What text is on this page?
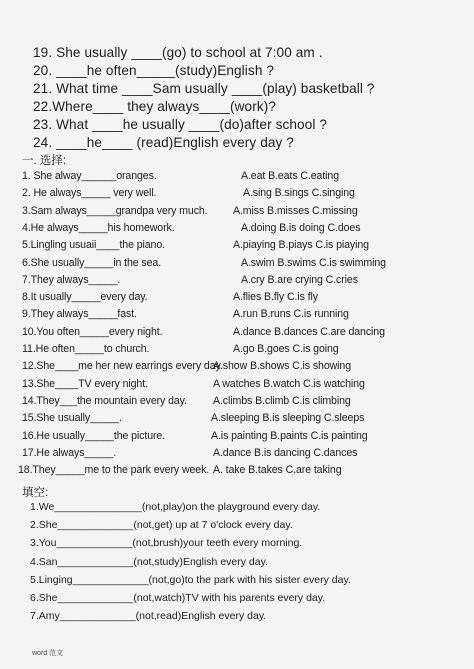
19. She usually ____(go) to school at 7:00 am .
20. ____he often_____(study)English ?
21. What time ____Sam usually ____(play) basketball ?
22.Where____ they always____(work)?
23. What ____he usually ____(do)after school ?
24. ____he____ (read)English every day ?
一. 选择:
1. She alway______oranges.	A.eat B.eats C.eating
2. He always_____ very well.	A.sing B.sings C.singing
3.Sam always_____grandpa very much. A.miss B.misses C.missing
4.He always_____his homework.	A.doing B.is doing C.does
5.Lingling usuaii____the piano.	A.piaying B.piays C.is piaying
6.She usually_____in the sea.	A.swim B.swims C.is swimming
7.They always_____.	A.cry B.are crying C.cries
8.It usually_____every day.	A.flies B.fly C.is fly
9.They always_____fast.	A.run B.runs C.is running
10.You often_____every night.	A.dance B.dances C.are dancing
11.He often_____to church.	A.go B.goes C.is going
12.She____me her new earrings every day.
A.show B.shows C.is showing
13.She____TV every night.	A watches B.watch C.is watching
14.They___the mountain every day. A.climbs B.climb C.is climbing
15.She usually_____.	A.sleeping B.is sleeping C.sleeps
16.He usually_____the picture.	A.is painting B.paints C.is painting
17.He always_____.	A.dance B.is dancing C.dances
18.They_____me to the park every week. A. take B.takes C.are taking
填空:
1.We_______________(not,play)on the playground every day.
2.She_____________(not,get) up at 7 o'clock every day.
3.You_____________(not,brush)your teeth every morning.
4.San_____________(not,study)English every day.
5.Linging_____________(not,go)to the park with his sister every day.
6.She_____________(not,watch)TV with his parents every day.
7.Amy_____________(not,read)English every day.
word 范文
